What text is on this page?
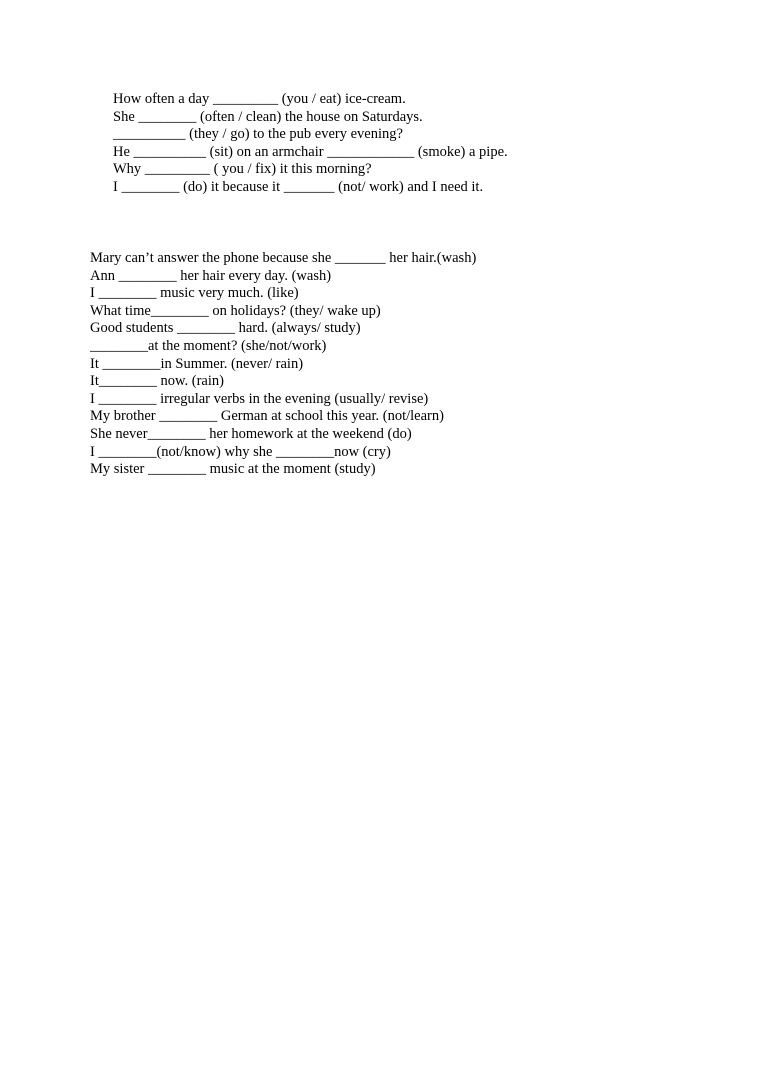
How often a day _________ (you / eat) ice-cream.
She ________ (often / clean) the house on Saturdays.
__________ (they / go) to the pub every evening?
He __________ (sit) on an armchair ____________ (smoke) a pipe.
Why _________ ( you / fix) it this morning?
I ________ (do) it because it _______ (not/ work) and I need it.
Mary can’t answer the phone because she _______ her hair.(wash)
Ann ________ her hair every day. (wash)
I ________ music very much. (like)
What time________ on holidays? (they/ wake up)
Good students ________ hard. (always/ study)
________at the moment? (she/not/work)
It ________in Summer. (never/ rain)
It________ now. (rain)
I ________ irregular verbs in the evening (usually/ revise)
My brother ________ German at school this year. (not/learn)
She never________ her homework at the weekend (do)
I ________(not/know) why she ________now (cry)
My sister ________ music at the moment (study)
